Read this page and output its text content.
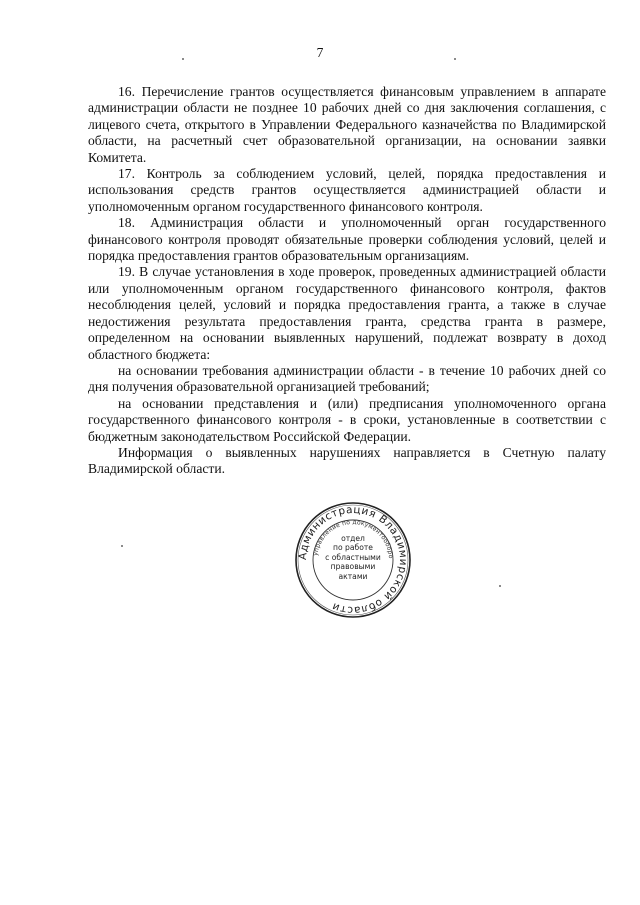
7

16. Перечисление грантов осуществляется финансовым управлением в аппарате администрации области не позднее 10 рабочих дней со дня заключения соглашения, с лицевого счета, открытого в Управлении Федерального казначейства по Владимирской области, на расчетный счет образовательной организации, на основании заявки Комитета.

17. Контроль за соблюдением условий, целей, порядка предоставления и использования средств грантов осуществляется администрацией области и уполномоченным органом государственного финансового контроля.

18. Администрация области и уполномоченный орган государственного финансового контроля проводят обязательные проверки соблюдения условий, целей и порядка предоставления грантов образовательным организациям.

19. В случае установления в ходе проверок, проведенных администрацией области или уполномоченным органом государственного финансового контроля, фактов несоблюдения целей, условий и порядка предоставления гранта, а также в случае недостижения результата предоставления гранта, средства гранта в размере, определенном на основании выявленных нарушений, подлежат возврату в доход областного бюджета:

на основании требования администрации области - в течение 10 рабочих дней со дня получения образовательной организацией требований;

на основании представления и (или) предписания уполномоченного органа государственного финансового контроля - в сроки, установленные в соответствии с бюджетным законодательством Российской Федерации.

Информация о выявленных нарушениях направляется в Счетную палату Владимирской области.

Администрация Владимирской области
управление по документооборо
отдел
по работе
с областными
правовыми
актами
